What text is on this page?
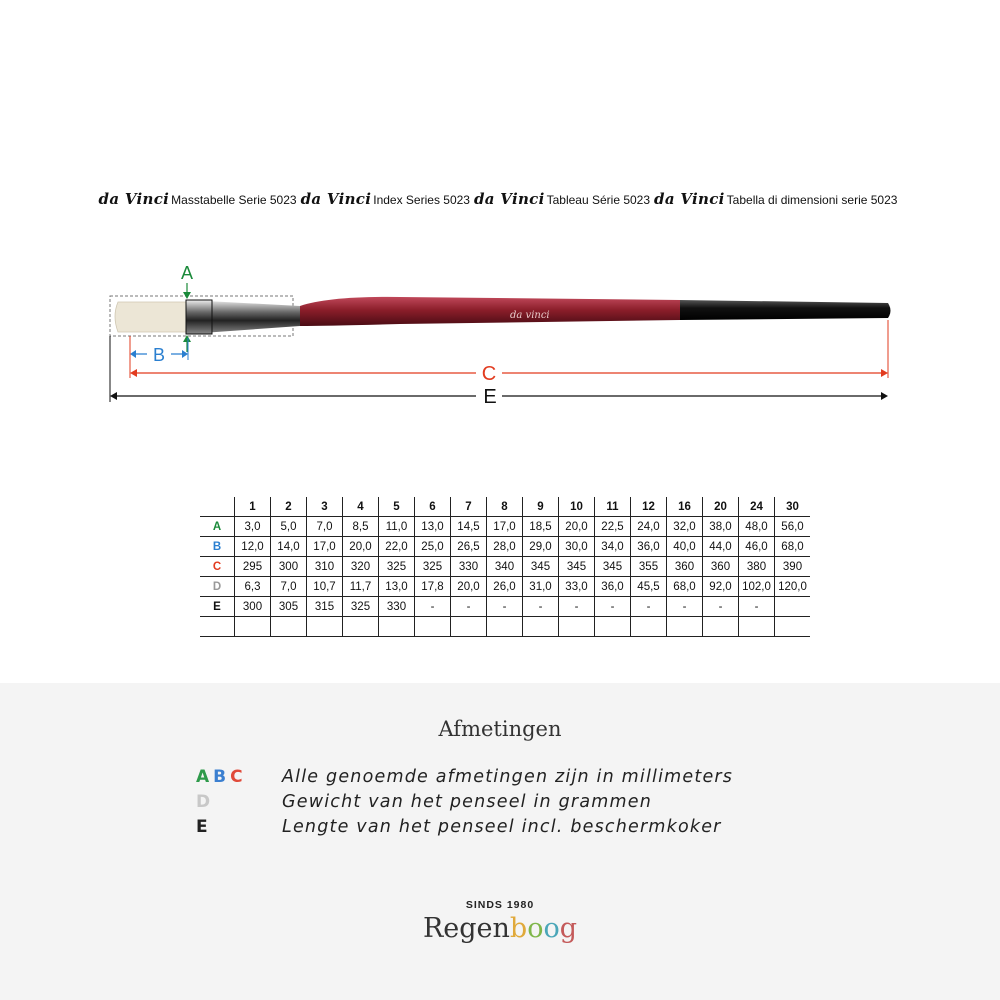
da Vinci Masstabelle Serie 5023 da Vinci Index Series 5023 da Vinci Tableau Série 5023 da Vinci Tabella di dimensioni serie 5023
da vinci
A
B
C
E
	1	2	3	4	5	6	7	8	9	10	11	12	16	20	24	30
A	3,0	5,0	7,0	8,5	11,0	13,0	14,5	17,0	18,5	20,0	22,5	24,0	32,0	38,0	48,0	56,0
B	12,0	14,0	17,0	20,0	22,0	25,0	26,5	28,0	29,0	30,0	34,0	36,0	40,0	44,0	46,0	68,0
C	295	300	310	320	325	325	330	340	345	345	345	355	360	360	380	390
D	6,3	7,0	10,7	11,7	13,0	17,8	20,0	26,0	31,0	33,0	36,0	45,5	68,0	92,0	102,0	120,0
E	300	305	315	325	330	-	-	-	-	-	-	-	-	-	-	

Afmetingen
ABC	Alle genoemde afmetingen zijn in millimeters
D	Gewicht van het penseel in grammen
E	Lengte van het penseel incl. beschermkoker
SINDS 1980
Regenboog
